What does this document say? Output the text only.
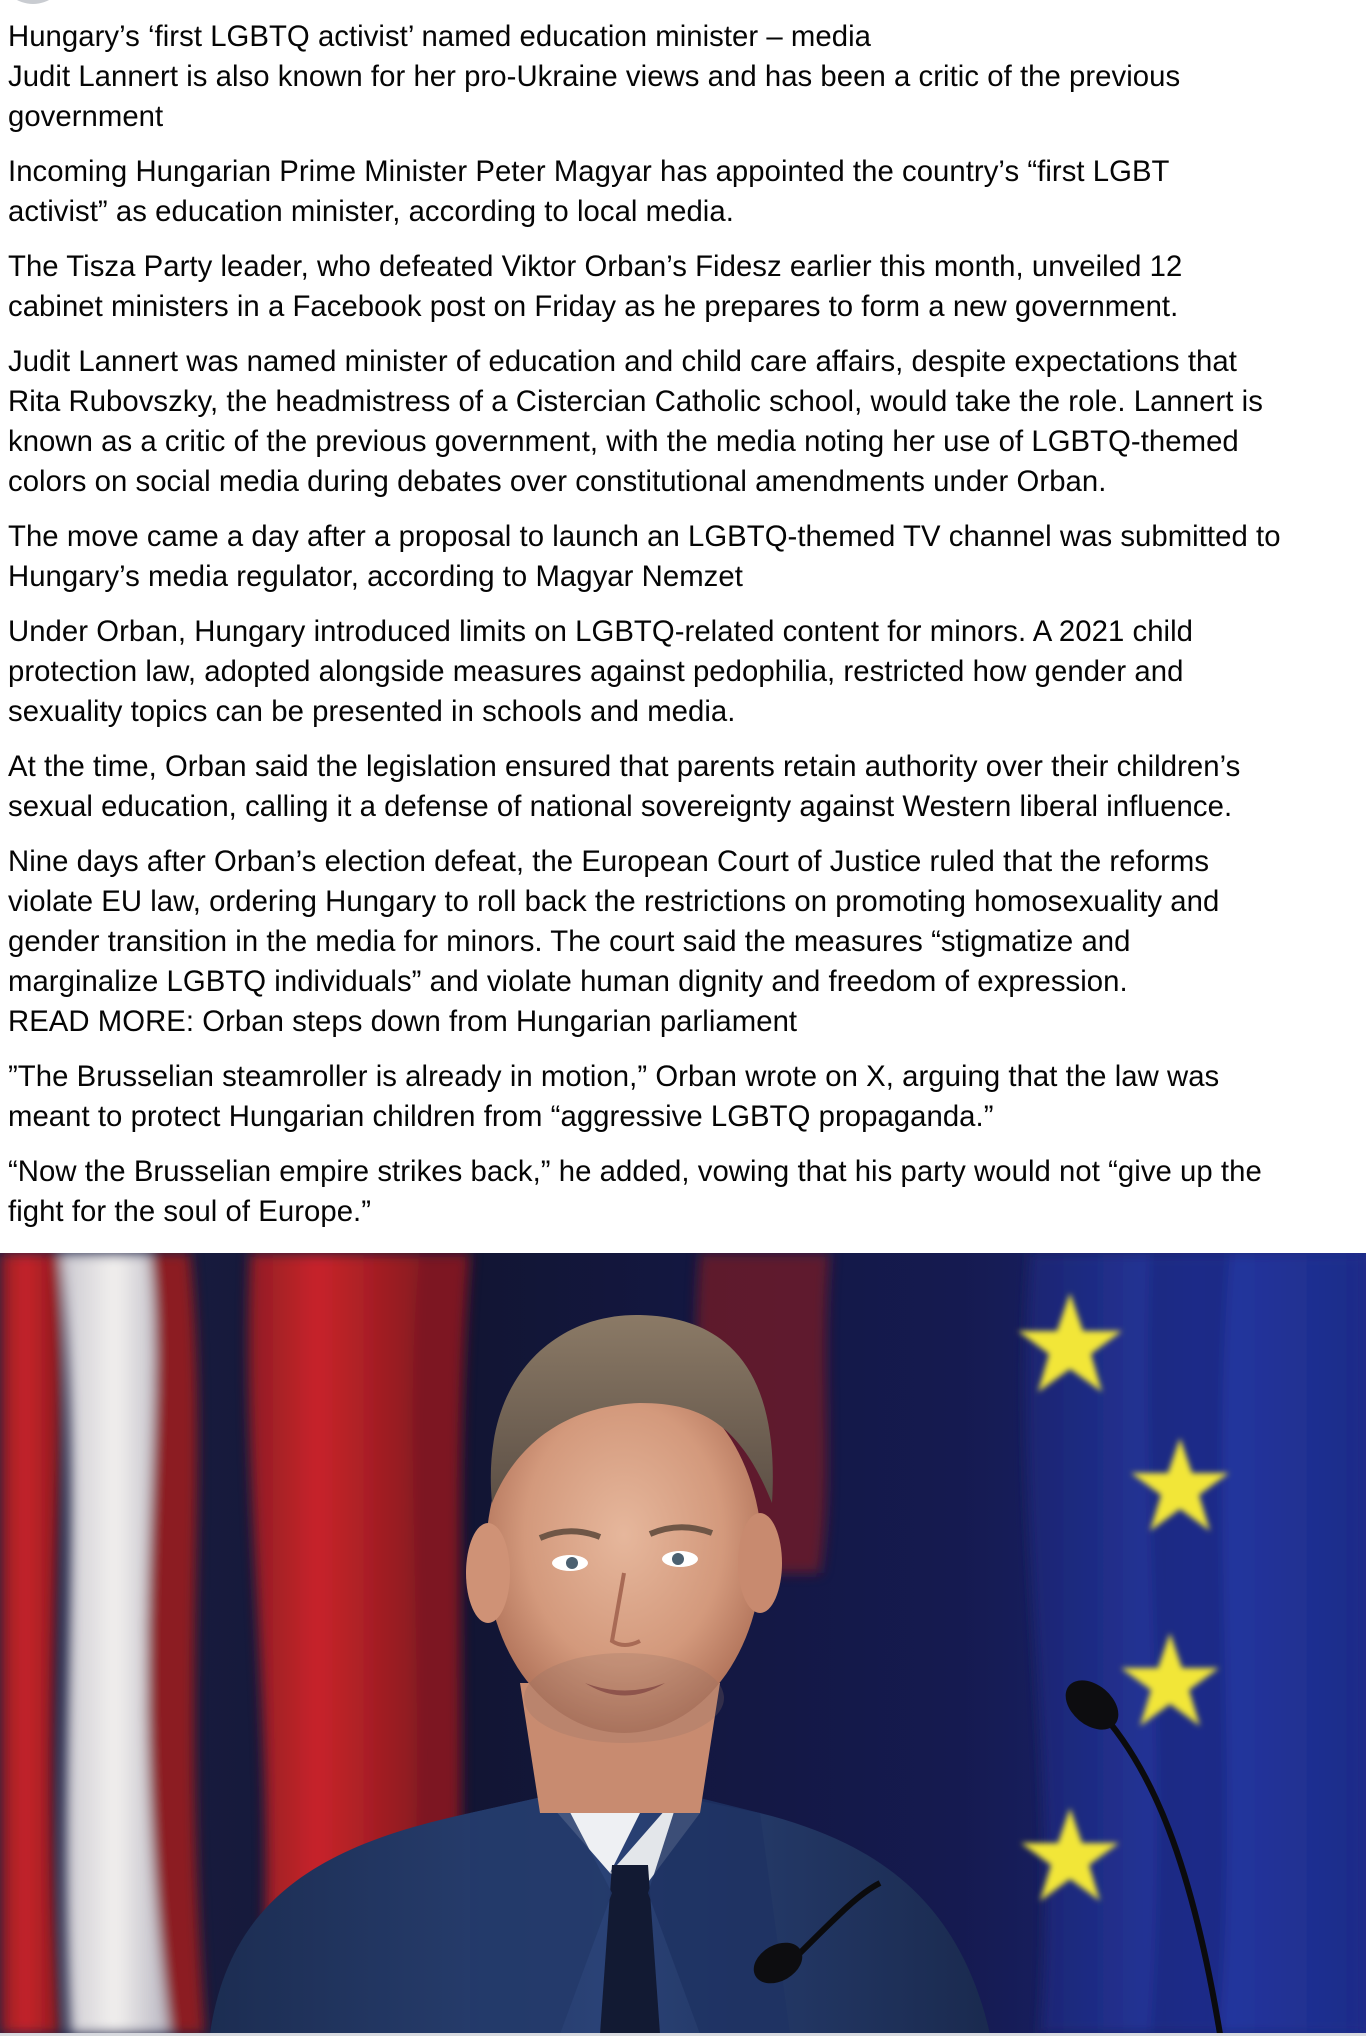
Hungary’s ‘first LGBTQ activist’ named education minister – media

Judit Lannert is also known for her pro-Ukraine views and has been a critic of the previous
government

Incoming Hungarian Prime Minister Peter Magyar has appointed the country’s “first LGBT
activist” as education minister, according to local media.

The Tisza Party leader, who defeated Viktor Orban’s Fidesz earlier this month, unveiled 12
cabinet ministers in a Facebook post on Friday as he prepares to form a new government.

Judit Lannert was named minister of education and child care affairs, despite expectations that
Rita Rubovszky, the headmistress of a Cistercian Catholic school, would take the role. Lannert is
known as a critic of the previous government, with the media noting her use of LGBTQ-themed
colors on social media during debates over constitutional amendments under Orban.

The move came a day after a proposal to launch an LGBTQ-themed TV channel was submitted to
Hungary’s media regulator, according to Magyar Nemzet

Under Orban, Hungary introduced limits on LGBTQ-related content for minors. A 2021 child
protection law, adopted alongside measures against pedophilia, restricted how gender and
sexuality topics can be presented in schools and media.

At the time, Orban said the legislation ensured that parents retain authority over their children’s
sexual education, calling it a defense of national sovereignty against Western liberal influence.

Nine days after Orban’s election defeat, the European Court of Justice ruled that the reforms
violate EU law, ordering Hungary to roll back the restrictions on promoting homosexuality and
gender transition in the media for minors. The court said the measures “stigmatize and
marginalize LGBTQ individuals” and violate human dignity and freedom of expression.
READ MORE: Orban steps down from Hungarian parliament

”The Brusselian steamroller is already in motion,” Orban wrote on X, arguing that the law was
meant to protect Hungarian children from “aggressive LGBTQ propaganda.”

“Now the Brusselian empire strikes back,” he added, vowing that his party would not “give up the
fight for the soul of Europe.”
